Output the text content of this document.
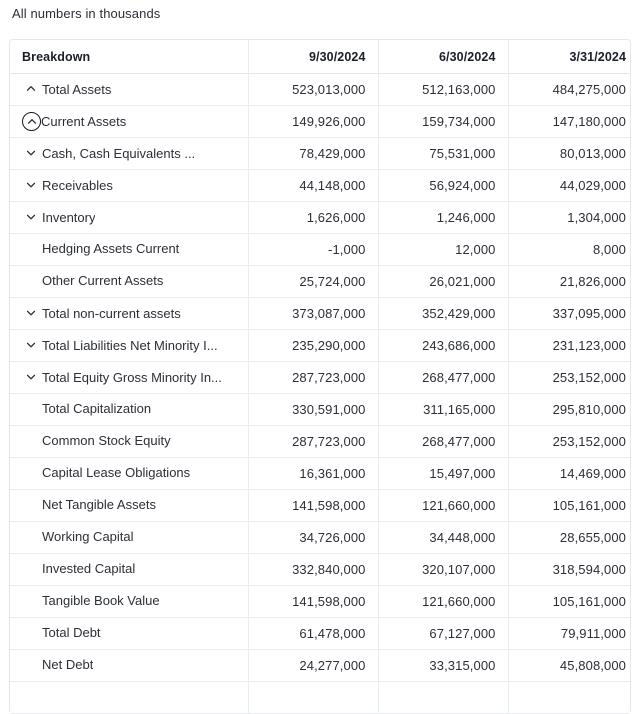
All numbers in thousands
Breakdown	9/30/2024	6/30/2024	3/31/2024

Total Assets	523,013,000	512,163,000	484,275,000

Current Assets	149,926,000	159,734,000	147,180,000

Cash, Cash Equivalents ...	78,429,000	75,531,000	80,013,000

Receivables	44,148,000	56,924,000	44,029,000

Inventory	1,626,000	1,246,000	1,304,000

Hedging Assets Current	-1,000	12,000	8,000

Other Current Assets	25,724,000	26,021,000	21,826,000

Total non-current assets	373,087,000	352,429,000	337,095,000

Total Liabilities Net Minority I...	235,290,000	243,686,000	231,123,000

Total Equity Gross Minority In...	287,723,000	268,477,000	253,152,000

Total Capitalization	330,591,000	311,165,000	295,810,000

Common Stock Equity	287,723,000	268,477,000	253,152,000

Capital Lease Obligations	16,361,000	15,497,000	14,469,000

Net Tangible Assets	141,598,000	121,660,000	105,161,000

Working Capital	34,726,000	34,448,000	28,655,000

Invested Capital	332,840,000	320,107,000	318,594,000

Tangible Book Value	141,598,000	121,660,000	105,161,000

Total Debt	61,478,000	67,127,000	79,911,000

Net Debt	24,277,000	33,315,000	45,808,000
